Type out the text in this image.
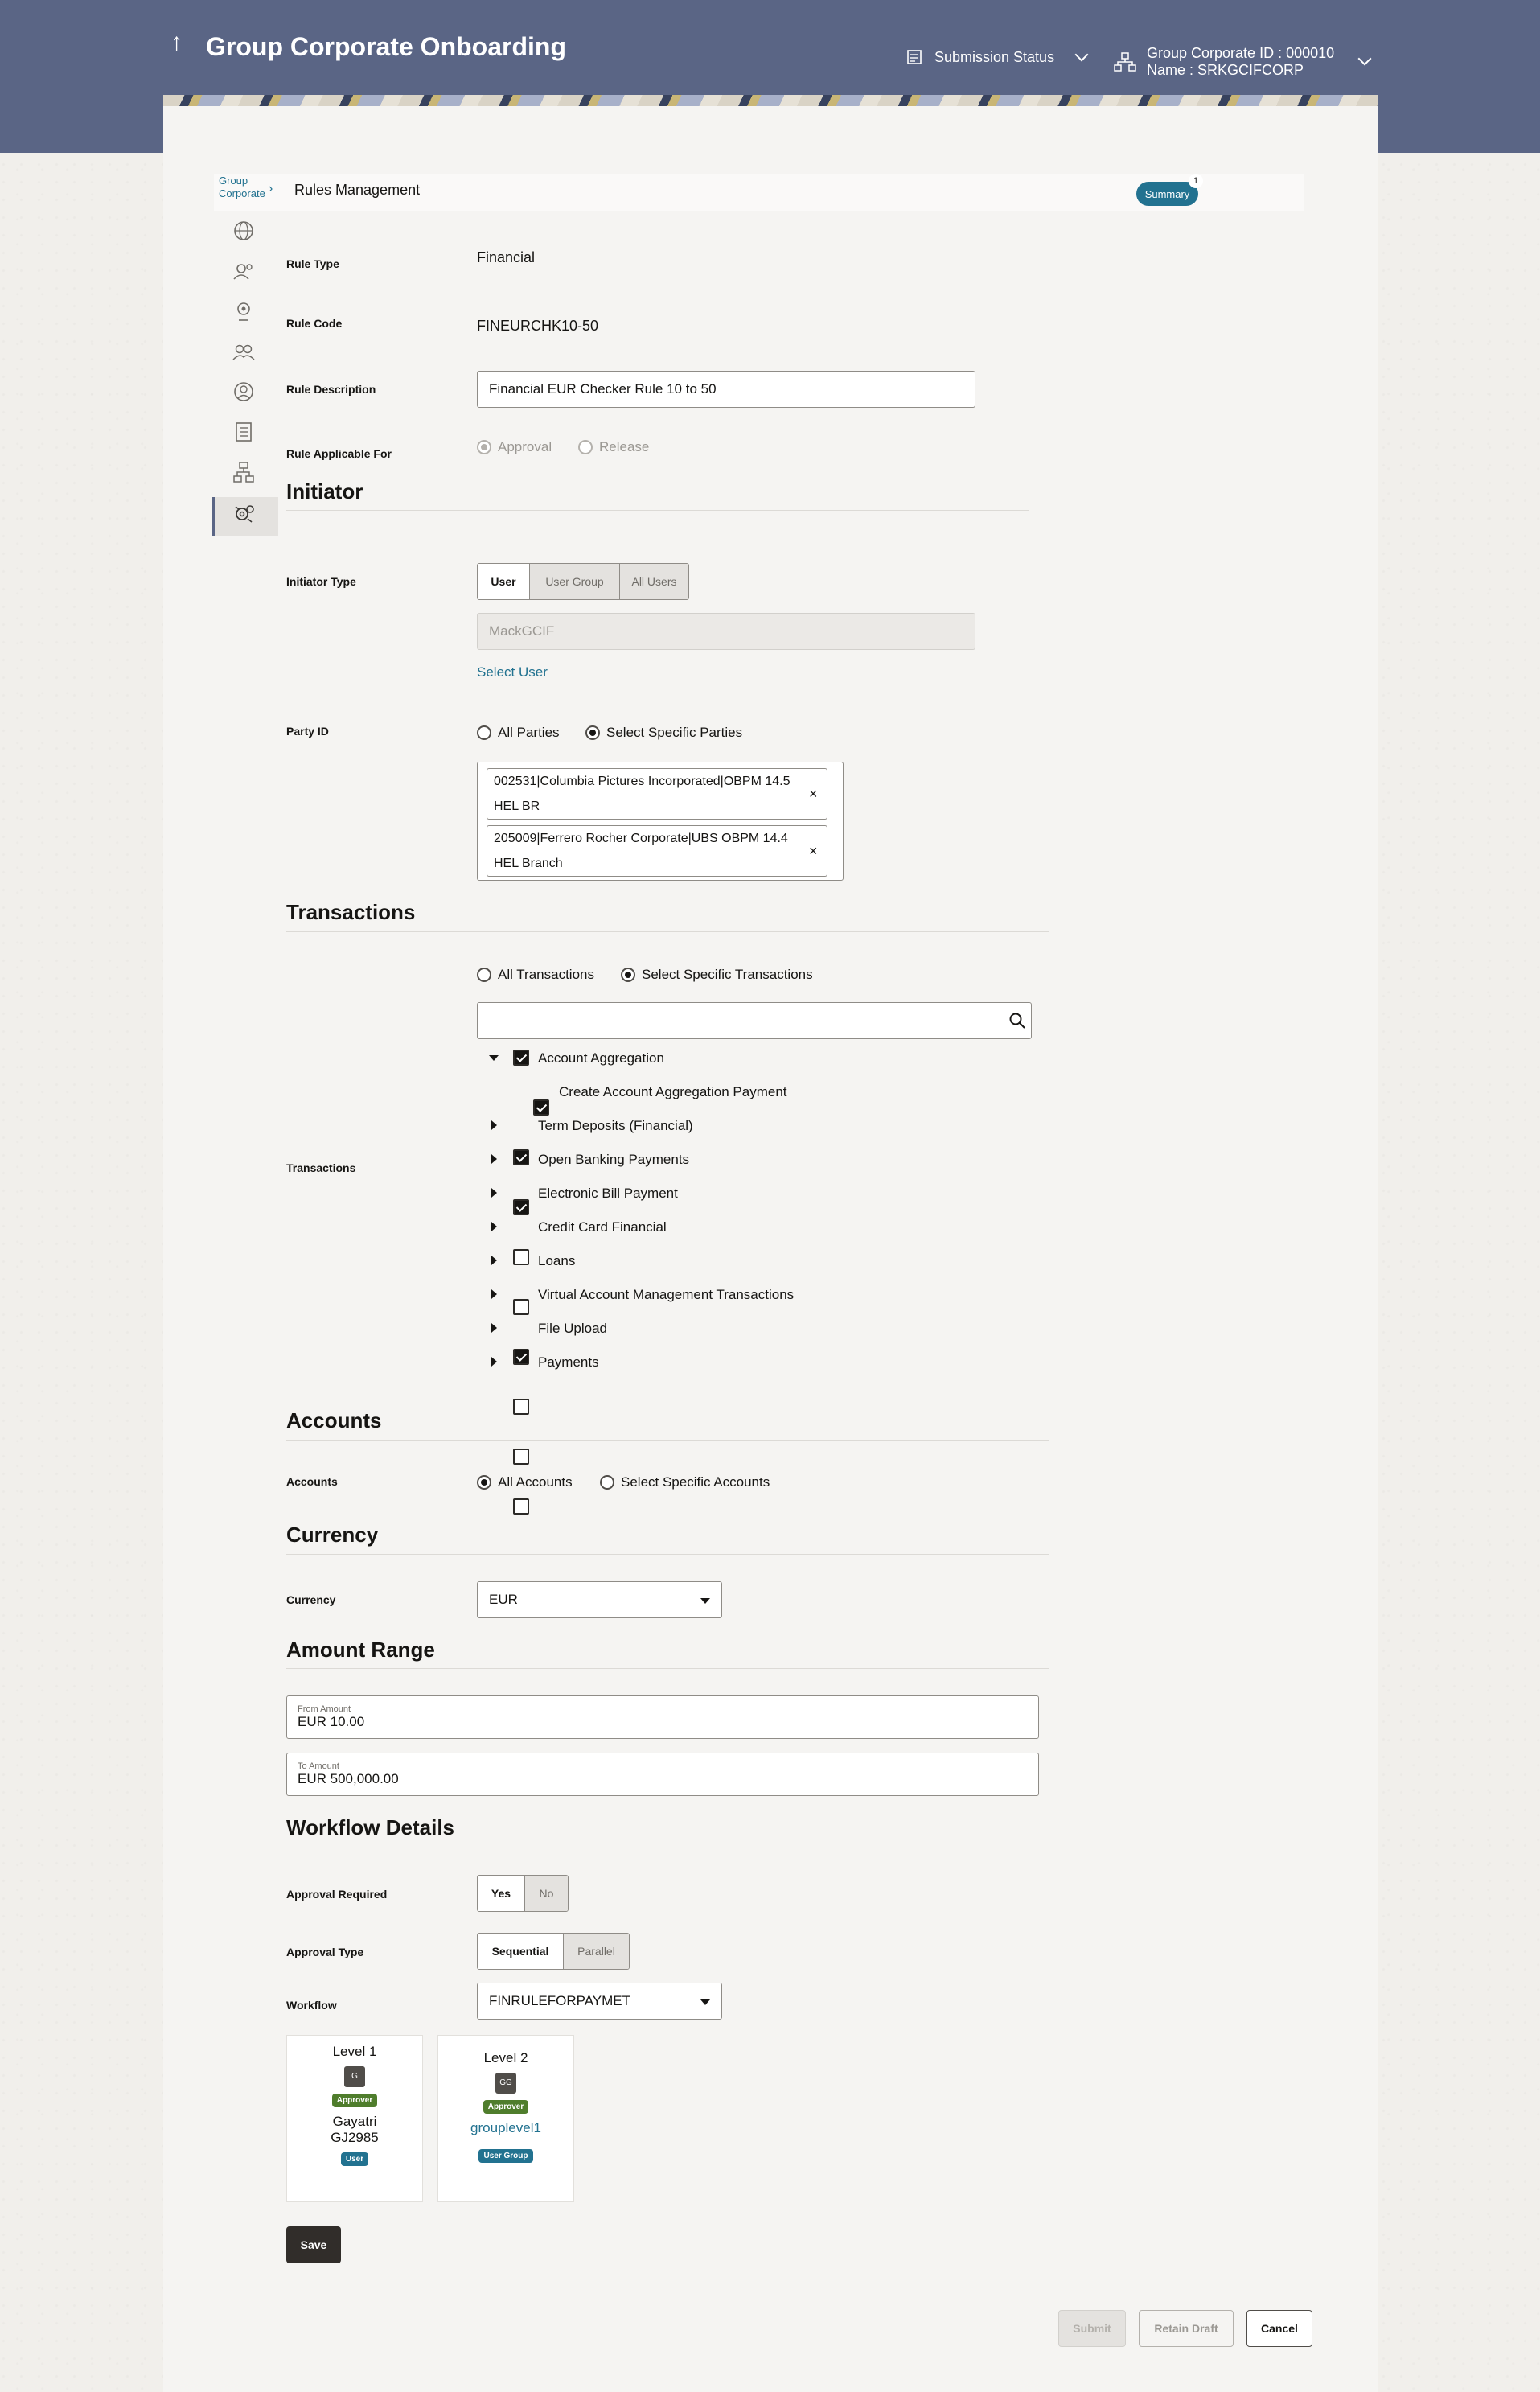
↑ Group Corporate Onboarding	Submission Status	Group Corporate ID : 000010
Name : SRKGCIFCORP
Group
Corporate › Rules Management	Summary
1
Rule Type	Financial
Rule Code	FINEURCHK10-50
Rule Description	Financial EUR Checker Rule 10 to 50
Rule Applicable For	Approval	Release
Initiator
Initiator Type	User	User Group	All Users
MackGCIF
Select User
Party ID	All Parties	Select Specific Parties
002531|Columbia Pictures Incorporated|OBPM 14.5
HEL BR
×
205009|Ferrero Rocher Corporate|UBS OBPM 14.4
HEL Branch
×
Transactions
All Transactions	Select Specific Transactions
Transactions
Account Aggregation
Create Account Aggregation Payment
Term Deposits (Financial)
Open Banking Payments
Electronic Bill Payment
Credit Card Financial
Loans
Virtual Account Management Transactions
File Upload
Payments
Accounts
Accounts	All Accounts	Select Specific Accounts
Currency
Currency	EUR
Amount Range
From Amount
EUR 10.00
To Amount
EUR 500,000.00
Workflow Details
Approval Required	Yes	No
Approval Type	Sequential	Parallel
Workflow	FINRULEFORPAYMET
Level 1
G
Approver
Gayatri
GJ2985
User
Level 2
GG
Approver
grouplevel1
User Group
Save
Submit	Retain Draft	Cancel
